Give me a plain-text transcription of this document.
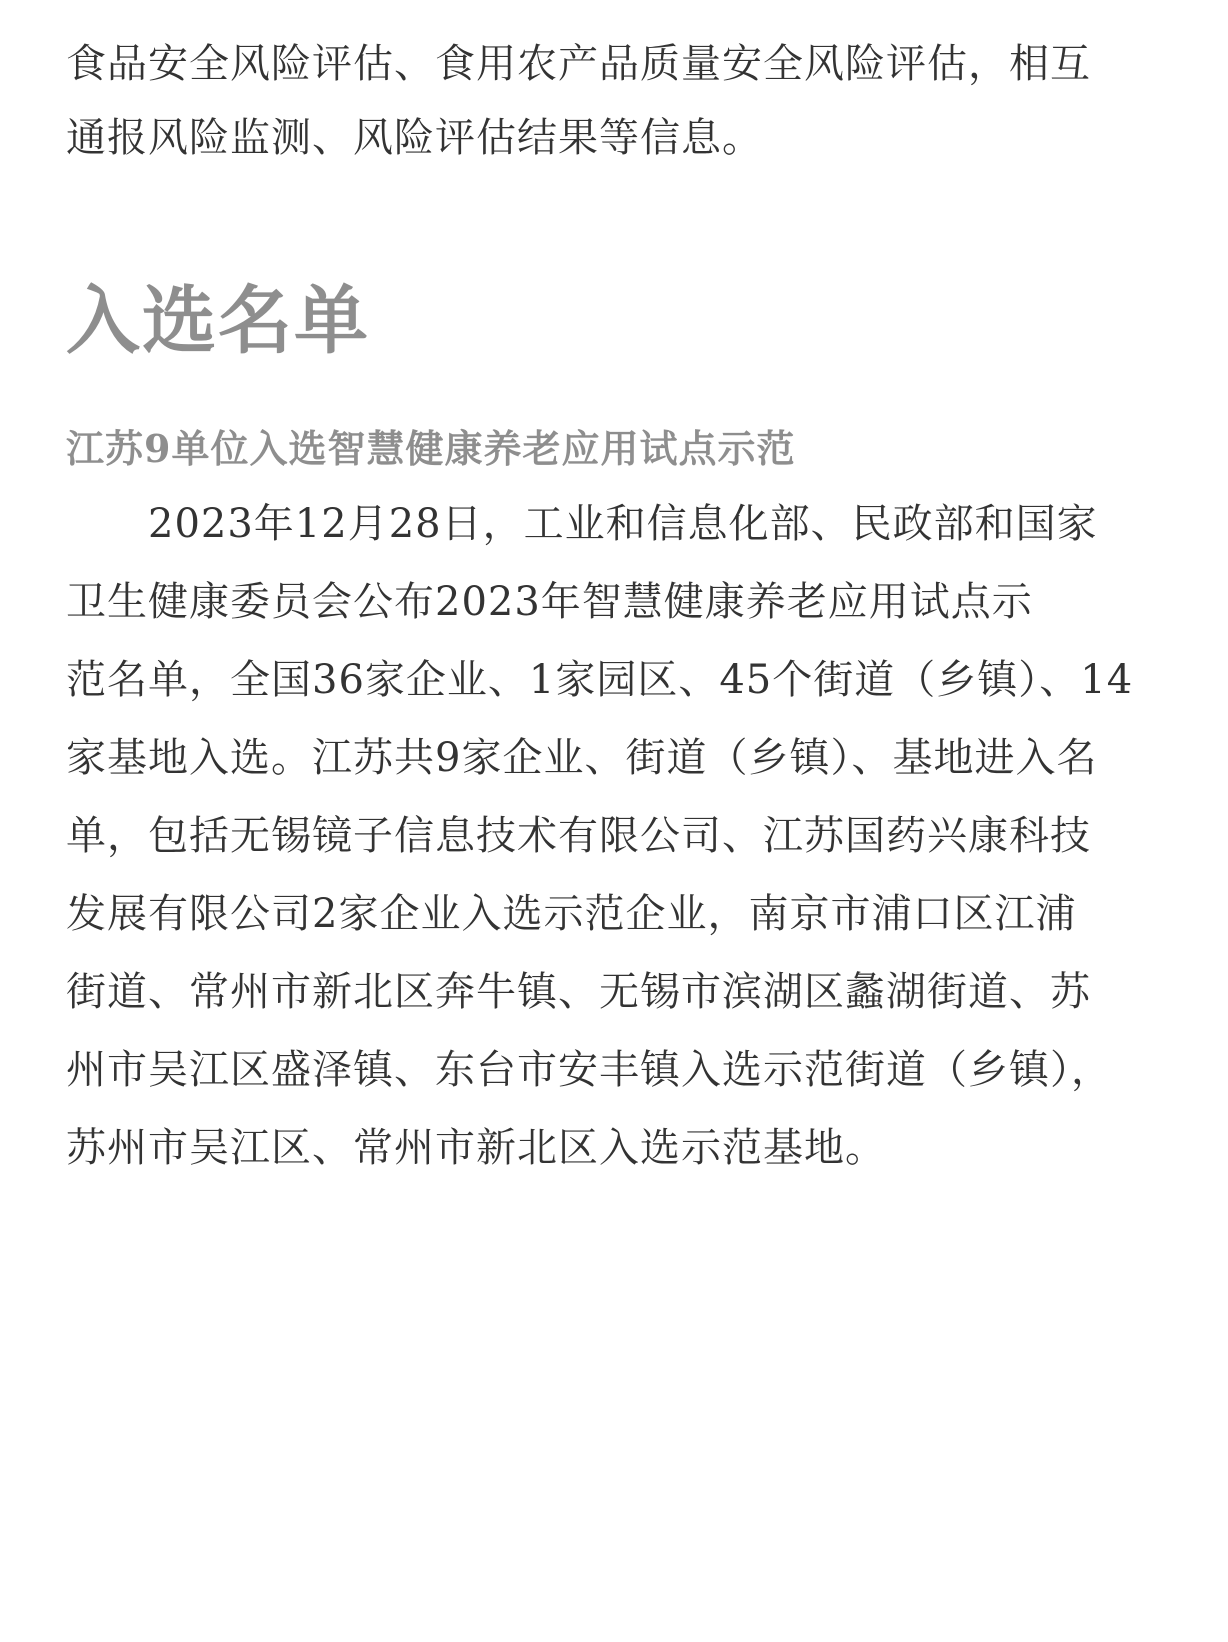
食品安全风险评估、食用农产品质量安全风险评估，相互
通报风险监测、风险评估结果等信息。
入选名单
江苏9单位入选智慧健康养老应用试点示范
2023年12月28日，工业和信息化部、民政部和国家
卫生健康委员会公布2023年智慧健康养老应用试点示
范名单，全国36家企业、1家园区、45个街道（乡镇）、14
家基地入选。江苏共9家企业、街道（乡镇）、基地进入名
单，包括无锡镜子信息技术有限公司、江苏国药兴康科技
发展有限公司2家企业入选示范企业，南京市浦口区江浦
街道、常州市新北区奔牛镇、无锡市滨湖区蠡湖街道、苏
州市吴江区盛泽镇、东台市安丰镇入选示范街道（乡镇），
苏州市吴江区、常州市新北区入选示范基地。
